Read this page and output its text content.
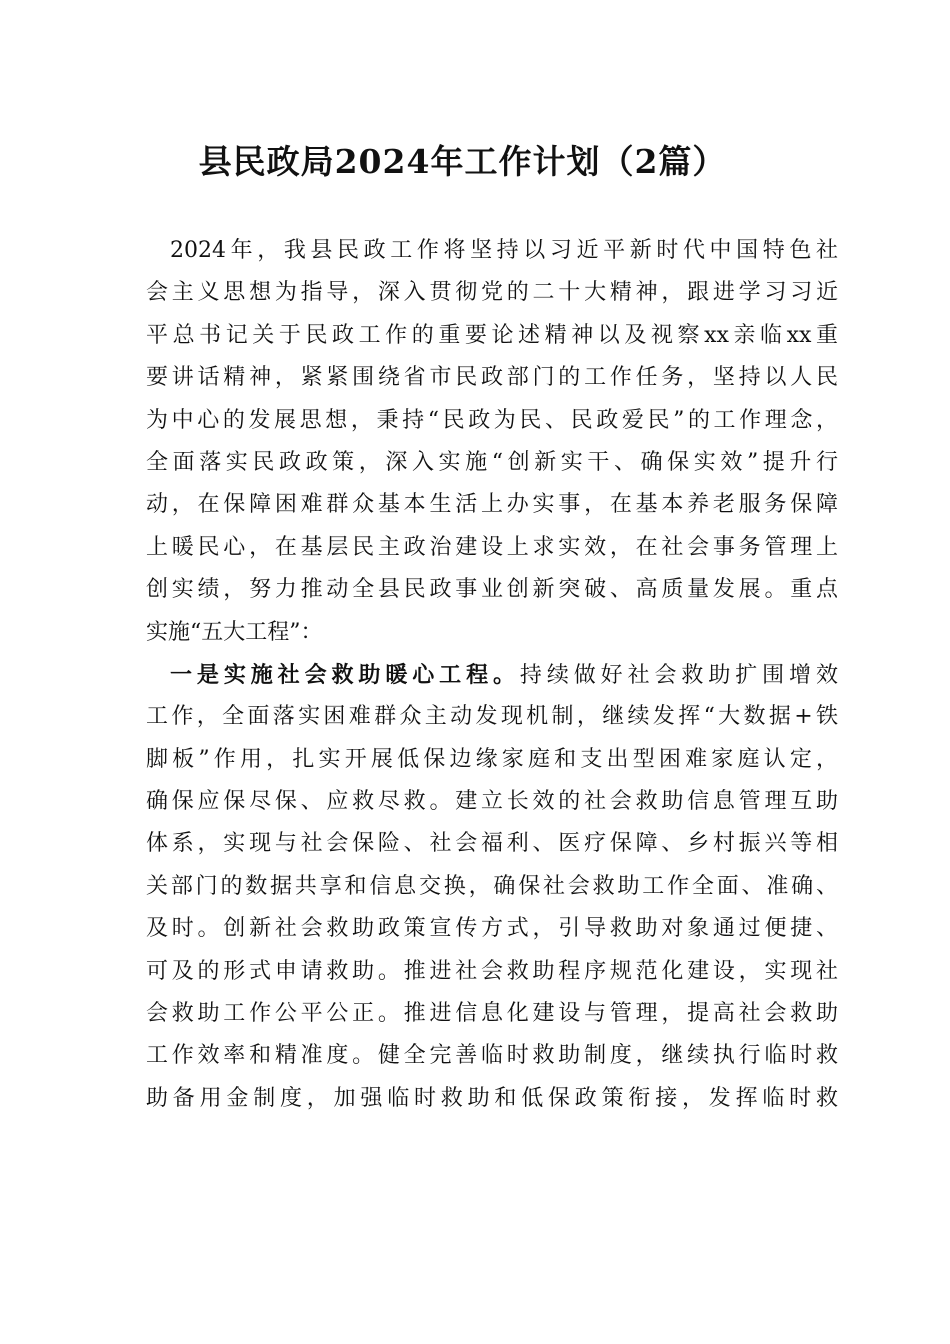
县民政局2024年工作计划（2篇）
2024年，我县民政工作将坚持以习近平新时代中国特色社
会主义思想为指导，深入贯彻党的二十大精神，跟进学习习近
平总书记关于民政工作的重要论述精神以及视察xx亲临xx重
要讲话精神，紧紧围绕省市民政部门的工作任务，坚持以人民
为中心的发展思想，秉持“民政为民、民政爱民”的工作理念，
全面落实民政政策，深入实施“创新实干、确保实效”提升行
动，在保障困难群众基本生活上办实事，在基本养老服务保障
上暖民心，在基层民主政治建设上求实效，在社会事务管理上
创实绩，努力推动全县民政事业创新突破、高质量发展。重点
实施“五大工程”：
一是实施社会救助暖心工程。持续做好社会救助扩围增效
工作，全面落实困难群众主动发现机制，继续发挥“大数据+铁
脚板”作用，扎实开展低保边缘家庭和支出型困难家庭认定，
确保应保尽保、应救尽救。建立长效的社会救助信息管理互助
体系，实现与社会保险、社会福利、医疗保障、乡村振兴等相
关部门的数据共享和信息交换，确保社会救助工作全面、准确、
及时。创新社会救助政策宣传方式，引导救助对象通过便捷、
可及的形式申请救助。推进社会救助程序规范化建设，实现社
会救助工作公平公正。推进信息化建设与管理，提高社会救助
工作效率和精准度。健全完善临时救助制度，继续执行临时救
助备用金制度，加强临时救助和低保政策衔接，发挥临时救
